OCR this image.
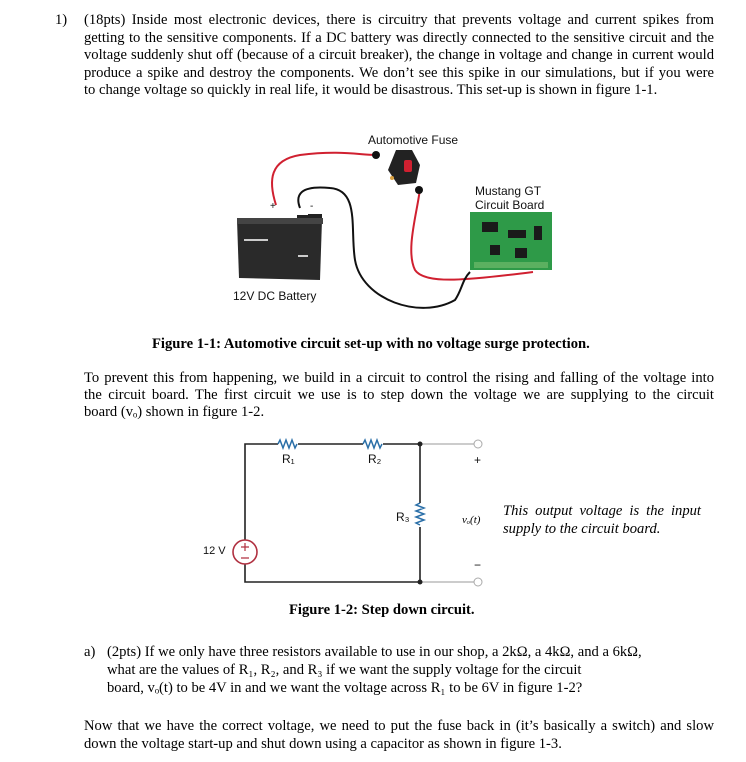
1) (18pts) Inside most electronic devices, there is circuitry that prevents voltage and current spikes from
getting to the sensitive components. If a DC battery was directly connected to the sensitive circuit and the
voltage suddenly shut off (because of a circuit breaker), the change in voltage and change in current would
produce a spike and destroy the components. We don’t see this spike in our simulations, but if you were
to change voltage so quickly in real life, it would be disastrous. This set-up is shown in figure 1-1.
Automotive Fuse
Mustang GT
Circuit Board
+	-
12V DC Battery
Figure 1-1: Automotive circuit set-up with no voltage surge protection.
To prevent this from happening, we build in a circuit to control the rising and falling of the voltage into
the circuit board. The first circuit we use is to step down the voltage we are supplying to the circuit
board (vₒ) shown in figure 1-2.
R₁	R₂
R₃
12 V
+
vₒ(t)
−
This output voltage is the input
supply to the circuit board.
Figure 1-2: Step down circuit.
a) (2pts) If we only have three resistors available to use in our shop, a 2kΩ, a 4kΩ, and a 6kΩ,
what are the values of R₁, R₂, and R₃ if we want the supply voltage for the circuit
board, vₒ(t) to be 4V in and we want the voltage across R₁ to be 6V in figure 1-2?
Now that we have the correct voltage, we need to put the fuse back in (it’s basically a switch) and slow
down the voltage start-up and shut down using a capacitor as shown in figure 1-3.
